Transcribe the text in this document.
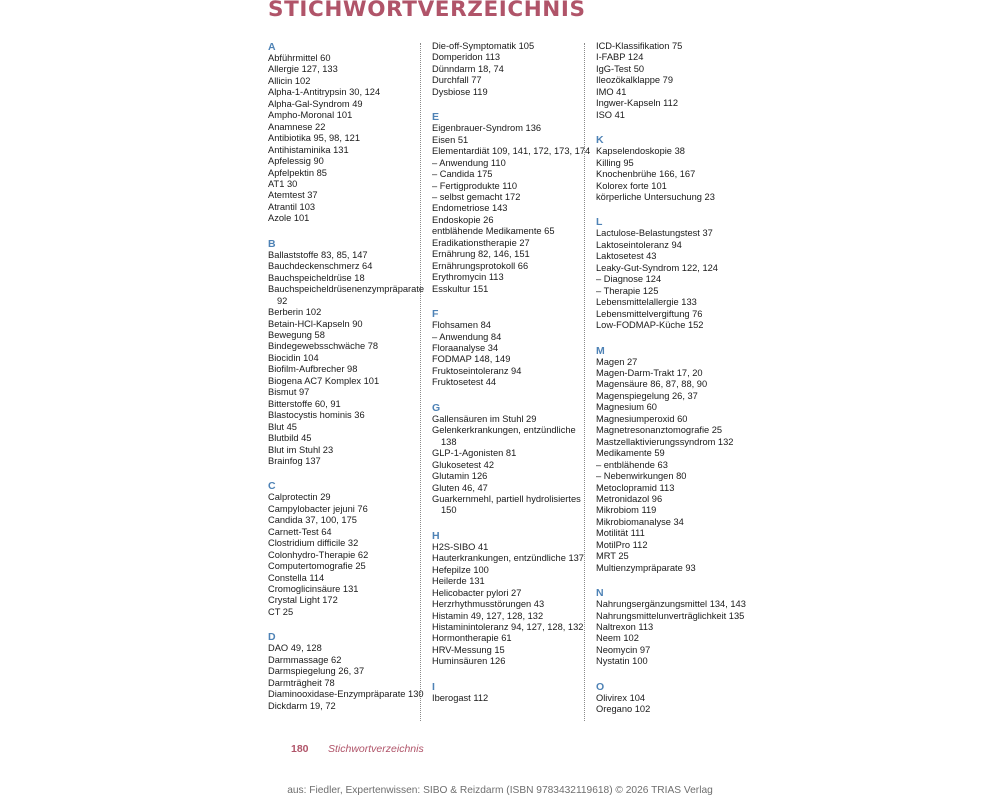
STICHWORTVERZEICHNIS
A
Abführmittel 60
Allergie 127, 133
Allicin 102
Alpha-1-Antitrypsin 30, 124
Alpha-Gal-Syndrom 49
Ampho-Moronal 101
Anamnese 22
Antibiotika 95, 98, 121
Antihistaminika 131
Apfelessig 90
Apfelpektin 85
AT1 30
Atemtest 37
Atrantil 103
Azole 101
B
Ballaststoffe 83, 85, 147
Bauchdeckenschmerz 64
Bauchspeicheldrüse 18
Bauchspeicheldrüsenenzympräparate 92
Berberin 102
Betain-HCl-Kapseln 90
Bewegung 58
Bindegewebsschwäche 78
Biocidin 104
Biofilm-Aufbrecher 98
Biogena AC7 Komplex 101
Bismut 97
Bitterstoffe 60, 91
Blastocystis hominis 36
Blut 45
Blutbild 45
Blut im Stuhl 23
Brainfog 137
C
Calprotectin 29
Campylobacter jejuni 76
Candida 37, 100, 175
Carnett-Test 64
Clostridium difficile 32
Colonhydro-Therapie 62
Computertomografie 25
Constella 114
Cromoglicinsäure 131
Crystal Light 172
CT 25
D
DAO 49, 128
Darmmassage 62
Darmspiegelung 26, 37
Darmträgheit 78
Diaminooxidase-Enzympräparate 130
Dickdarm 19, 72
Die-off-Symptomatik 105
Domperidon 113
Dünndarm 18, 74
Durchfall 77
Dysbiose 119
E
Eigenbrauer-Syndrom 136
Eisen 51
Elementardiät 109, 141, 172, 173, 174
– Anwendung 110
– Candida 175
– Fertigprodukte 110
– selbst gemacht 172
Endometriose 143
Endoskopie 26
entblähende Medikamente 65
Eradikationstherapie 27
Ernährung 82, 146, 151
Ernährungsprotokoll 66
Erythromycin 113
Esskultur 151
F
Flohsamen 84
– Anwendung 84
Floraanalyse 34
FODMAP 148, 149
Fruktoseintoleranz 94
Fruktosetest 44
G
Gallensäuren im Stuhl 29
Gelenkerkrankungen, entzündliche 138
GLP-1-Agonisten 81
Glukosetest 42
Glutamin 126
Gluten 46, 47
Guarkernmehl, partiell hydrolisiertes 150
H
H2S-SIBO 41
Hauterkrankungen, entzündliche 137
Hefepilze 100
Heilerde 131
Helicobacter pylori 27
Herzrhythmusstörungen 43
Histamin 49, 127, 128, 132
Histaminintoleranz 94, 127, 128, 132
Hormontherapie 61
HRV-Messung 15
Huminsäuren 126
I
Iberogast 112
ICD-Klassifikation 75
I-FABP 124
IgG-Test 50
Ileozökalklappe 79
IMO 41
Ingwer-Kapseln 112
ISO 41
K
Kapselendoskopie 38
Killing 95
Knochenbrühe 166, 167
Kolorex forte 101
körperliche Untersuchung 23
L
Lactulose-Belastungstest 37
Laktoseintoleranz 94
Laktosetest 43
Leaky-Gut-Syndrom 122, 124
– Diagnose 124
– Therapie 125
Lebensmittelallergie 133
Lebensmittelvergiftung 76
Low-FODMAP-Küche 152
M
Magen 27
Magen-Darm-Trakt 17, 20
Magensäure 86, 87, 88, 90
Magenspiegelung 26, 37
Magnesium 60
Magnesiumperoxid 60
Magnetresonanztomografie 25
Mastzellaktivierungssyndrom 132
Medikamente 59
– entblähende 63
– Nebenwirkungen 80
Metoclopramid 113
Metronidazol 96
Mikrobiom 119
Mikrobiomanalyse 34
Motilität 111
MotilPro 112
MRT 25
Multienzympräparate 93
N
Nahrungsergänzungsmittel 134, 143
Nahrungsmittelunverträglichkeit 135
Naltrexon 113
Neem 102
Neomycin 97
Nystatin 100
O
Olivirex 104
Oregano 102
180 Stichwortverzeichnis
aus: Fiedler, Expertenwissen: SIBO & Reizdarm (ISBN 9783432119618) © 2026 TRIAS Verlag
